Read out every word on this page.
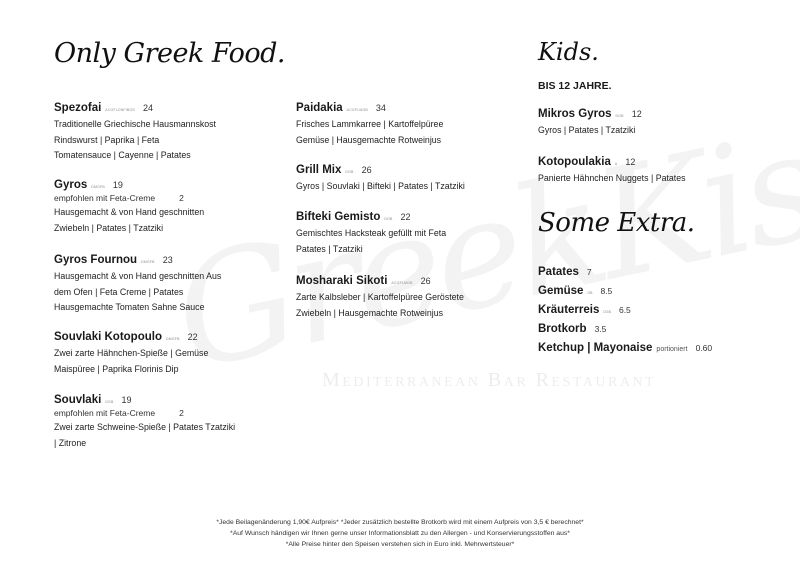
Mediterranean Bar Restaurant
Only Greek Food.	Kids.
BIS 12 JAHRE.
Some Extra.
Spezofai ACGFLDNFIBGS 24
Traditionelle Griechische Hausmannskost
Rindswurst | Paprika | Feta
Tomatensauce | Cayenne | Patates
Gyros DMGFB 19
empfohlen mit Feta-Creme	2
Hausgemacht & von Hand geschnitten
Zwiebeln | Patates | Tzatziki
Gyros Fournou DMGFB 23
Hausgemacht & von Hand geschnitten Aus
dem Ofen | Feta Creme | Patates
Hausgemachte Tomaten Sahne Sauce
Souvlaki Kotopoulo DMGFB 22
Zwei zarte Hähnchen-Spieße | Gemüse
Maispüree | Paprika Florinis Dip
Souvlaki DGB 19
empfohlen mit Feta-Creme	2
Zwei zarte Schweine-Spieße | Patates Tzatziki
| Zitrone
Paidakia ACGFLMGB 34
Frisches Lammkarree | Kartoffelpüree
Gemüse | Hausgemachte Rotweinjus
Grill Mix DGB 26
Gyros | Souvlaki | Bifteki | Patates | Tzatziki
Bifteki Gemisto DGB 22
Gemischtes Hacksteak gefüllt mit Feta
Patates | Tzatziki
Mosharaki Sikoti ACGFLMGB 26
Zarte Kalbsleber | Kartoffelpüree Geröstete
Zwiebeln | Hausgemachte Rotweinjus
Mikros Gyros DGB 12
Gyros | Patates | Tzatziki
Kotopoulakia A 12
Panierte Hähnchen Nuggets | Patates
Patates 7
Gemüse GB 8.5
Kräuterreis DGB 6.5
Brotkorb 3.5
Ketchup | Mayonaise portioniert 0.60
*Jede Beilagenänderung 1,90€ Aufpreis* *Jeder zusätzlich bestellte Brotkorb wird mit einem Aufpreis von 3,5 € berechnet*
*Auf Wunsch händigen wir Ihnen gerne unser Informationsblatt zu den Allergen - und Konservierungsstoffen aus*
*Alle Preise hinter den Speisen verstehen sich in Euro inkl. Mehrwertsteuer*
